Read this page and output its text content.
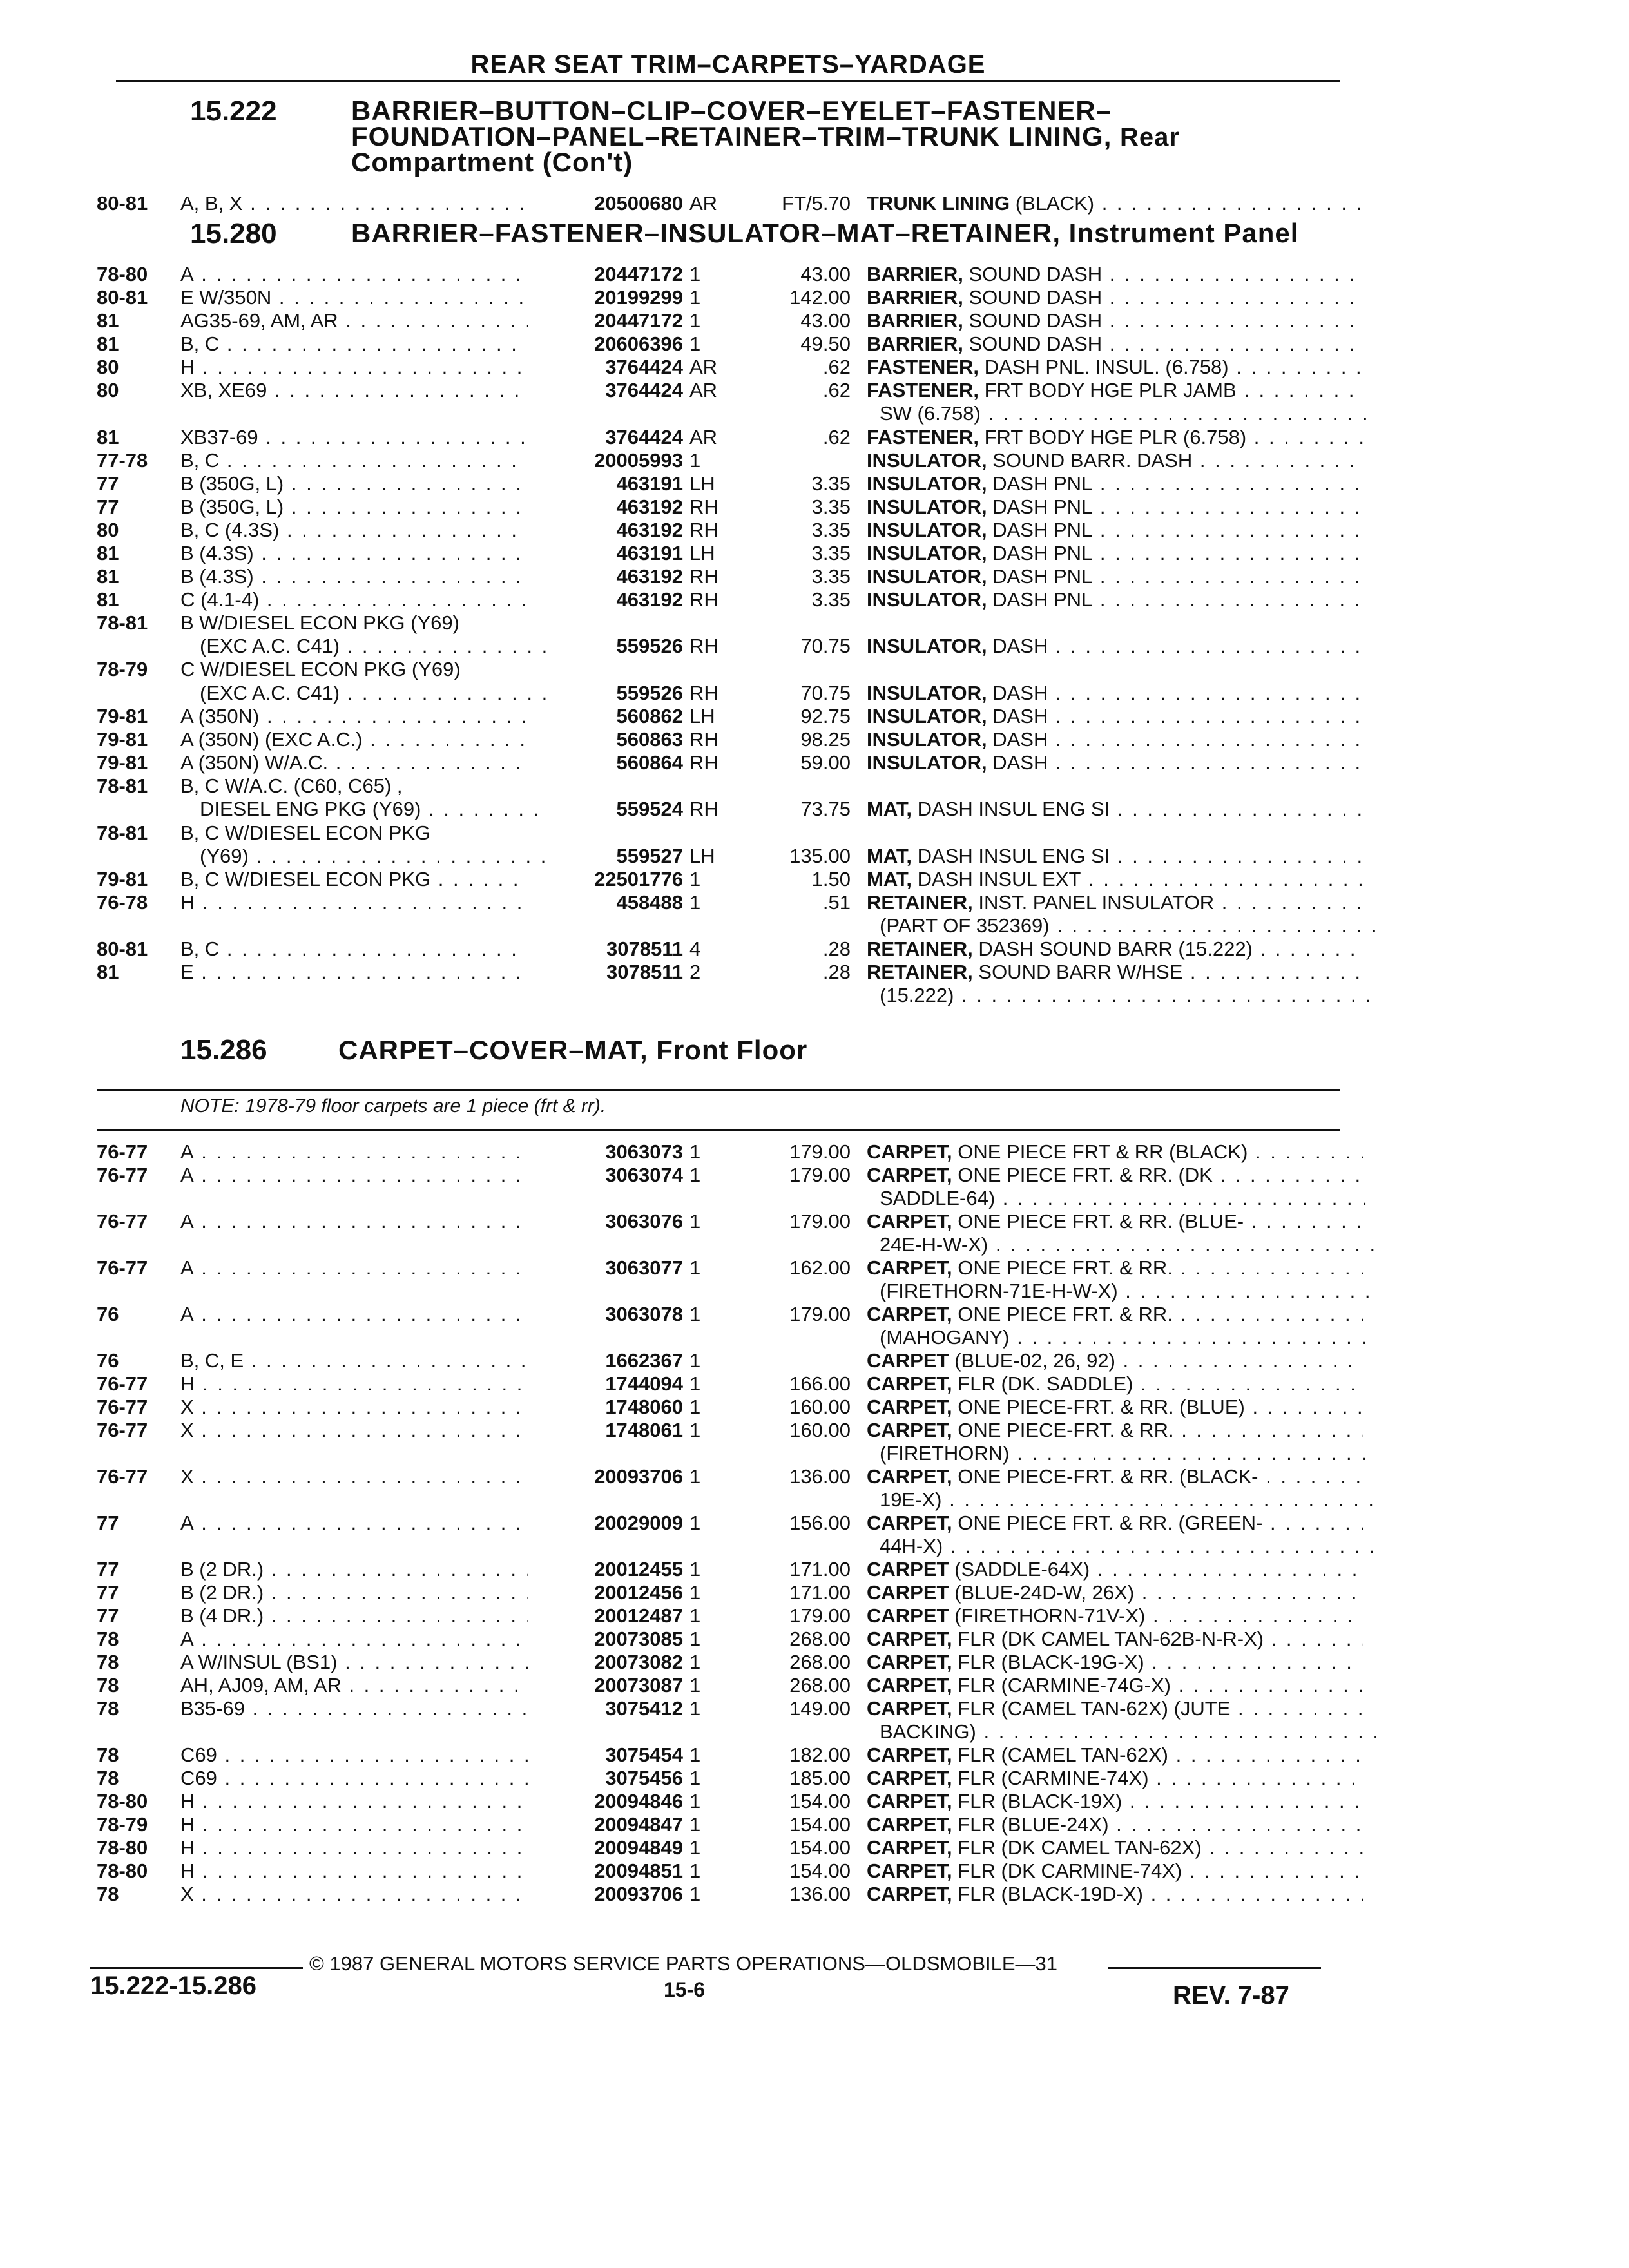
REAR SEAT TRIM–CARPETS–YARDAGE
15.222	BARRIER–BUTTON–CLIP–COVER–EYELET–FASTENER–
FOUNDATION–PANEL–RETAINER–TRIM–TRUNK LINING, Rear
Compartment (Con't)
15.280	BARRIER–FASTENER–INSULATOR–MAT–RETAINER, Instrument Panel
15.286	CARPET–COVER–MAT, Front Floor
NOTE: 1978-79 floor carpets are 1 piece (frt & rr).
80-81 A, B, X . . .	20500680 AR	FT/5.70 TRUNK LINING (BLACK) . . .
78-80 A . . .	20447172 1	43.00 BARRIER, SOUND DASH . . .
80-81 E W/350N . . .	20199299 1	142.00 BARRIER, SOUND DASH . . .
81	AG35-69, AM, AR . . .	20447172 1	43.00 BARRIER, SOUND DASH . . .
81	B, C . . .	20606396 1	49.50 BARRIER, SOUND DASH . . .
80	H . . .	3764424 AR	.62 FASTENER, DASH PNL. INSUL. (6.758) . . .
80	XB, XE69 . . .	3764424 AR	.62 FASTENER, FRT BODY HGE PLR JAMB . . .
SW (6.758) . . .
81	XB37-69 . . .	3764424 AR	.62 FASTENER, FRT BODY HGE PLR (6.758) . . .
77-78 B, C . . .	20005993 1	INSULATOR, SOUND BARR. DASH . . .
77	B (350G, L) . . .	463191 LH	3.35 INSULATOR, DASH PNL . . .
77	B (350G, L) . . .	463192 RH	3.35 INSULATOR, DASH PNL . . .
80	B, C (4.3S) . . .	463192 RH	3.35 INSULATOR, DASH PNL . . .
81	B (4.3S) . . .	463191 LH	3.35 INSULATOR, DASH PNL . . .
81	B (4.3S) . . .	463192 RH	3.35 INSULATOR, DASH PNL . . .
81	C (4.1-4) . . .	463192 RH	3.35 INSULATOR, DASH PNL . . .
78-81 B W/DIESEL ECON PKG (Y69)
(EXC A.C. C41) . . .	559526 RH	70.75 INSULATOR, DASH . . .
78-79 C W/DIESEL ECON PKG (Y69)
(EXC A.C. C41) . . .	559526 RH	70.75 INSULATOR, DASH . . .
79-81 A (350N) . . .	560862 LH	92.75 INSULATOR, DASH . . .
79-81 A (350N) (EXC A.C.) . . .	560863 RH	98.25 INSULATOR, DASH . . .
79-81 A (350N) W/A.C. . . .	560864 RH	59.00 INSULATOR, DASH . . .
78-81 B, C W/A.C. (C60, C65) ,
DIESEL ENG PKG (Y69) . . .	559524 RH	73.75 MAT, DASH INSUL ENG SI . . .
78-81 B, C W/DIESEL ECON PKG
(Y69) . . .	559527 LH	135.00 MAT, DASH INSUL ENG SI . . .
79-81 B, C W/DIESEL ECON PKG . . .	22501776 1	1.50 MAT, DASH INSUL EXT . . .
76-78 H . . .	458488 1	.51 RETAINER, INST. PANEL INSULATOR . . .
(PART OF 352369) . . .
80-81 B, C . . .	3078511 4	.28 RETAINER, DASH SOUND BARR (15.222) . . .
81	E . . .	3078511 2	.28 RETAINER, SOUND BARR W/HSE . . .
(15.222) . . .
76-77 A . . .	3063073 1	179.00 CARPET, ONE PIECE FRT & RR (BLACK) . . .
76-77 A . . .	3063074 1	179.00 CARPET, ONE PIECE FRT. & RR. (DK . . .
SADDLE-64) . . .
76-77 A . . .	3063076 1	179.00 CARPET, ONE PIECE FRT. & RR. (BLUE- . . .
24E-H-W-X) . . .
76-77 A . . .	3063077 1	162.00 CARPET, ONE PIECE FRT. & RR. . . .
(FIRETHORN-71E-H-W-X) . . .
76	A . . .	3063078 1	179.00 CARPET, ONE PIECE FRT. & RR. . . .
(MAHOGANY) . . .
76	B, C, E . . .	1662367 1	CARPET (BLUE-02, 26, 92) . . .
76-77 H . . .	1744094 1	166.00 CARPET, FLR (DK. SADDLE) . . .
76-77 X . . .	1748060 1	160.00 CARPET, ONE PIECE-FRT. & RR. (BLUE) . . .
76-77 X . . .	1748061 1	160.00 CARPET, ONE PIECE-FRT. & RR. . . .
(FIRETHORN) . . .
76-77 X . . .	20093706 1	136.00 CARPET, ONE PIECE-FRT. & RR. (BLACK- . . .
19E-X) . . .
77	A . . .	20029009 1	156.00 CARPET, ONE PIECE FRT. & RR. (GREEN- . . .
44H-X) . . .
77	B (2 DR.) . . .	20012455 1	171.00 CARPET (SADDLE-64X) . . .
77	B (2 DR.) . . .	20012456 1	171.00 CARPET (BLUE-24D-W, 26X) . . .
77	B (4 DR.) . . .	20012487 1	179.00 CARPET (FIRETHORN-71V-X) . . .
78	A . . .	20073085 1	268.00 CARPET, FLR (DK CAMEL TAN-62B-N-R-X) . . .
78	A W/INSUL (BS1) . . .	20073082 1	268.00 CARPET, FLR (BLACK-19G-X) . . .
78	AH, AJ09, AM, AR . . .	20073087 1	268.00 CARPET, FLR (CARMINE-74G-X) . . .
78	B35-69 . . .	3075412 1	149.00 CARPET, FLR (CAMEL TAN-62X) (JUTE . . .
BACKING) . . .
78	C69 . . .	3075454 1	182.00 CARPET, FLR (CAMEL TAN-62X) . . .
78	C69 . . .	3075456 1	185.00 CARPET, FLR (CARMINE-74X) . . .
78-80 H . . .	20094846 1	154.00 CARPET, FLR (BLACK-19X) . . .
78-79 H . . .	20094847 1	154.00 CARPET, FLR (BLUE-24X) . . .
78-80 H . . .	20094849 1	154.00 CARPET, FLR (DK CAMEL TAN-62X) . . .
78-80 H . . .	20094851 1	154.00 CARPET, FLR (DK CARMINE-74X) . . .
78	X . . .	20093706 1	136.00 CARPET, FLR (BLACK-19D-X) . . .
© 1987 GENERAL MOTORS SERVICE PARTS OPERATIONS—OLDSMOBILE—31
15.222-15.286	15-6	REV. 7-87
